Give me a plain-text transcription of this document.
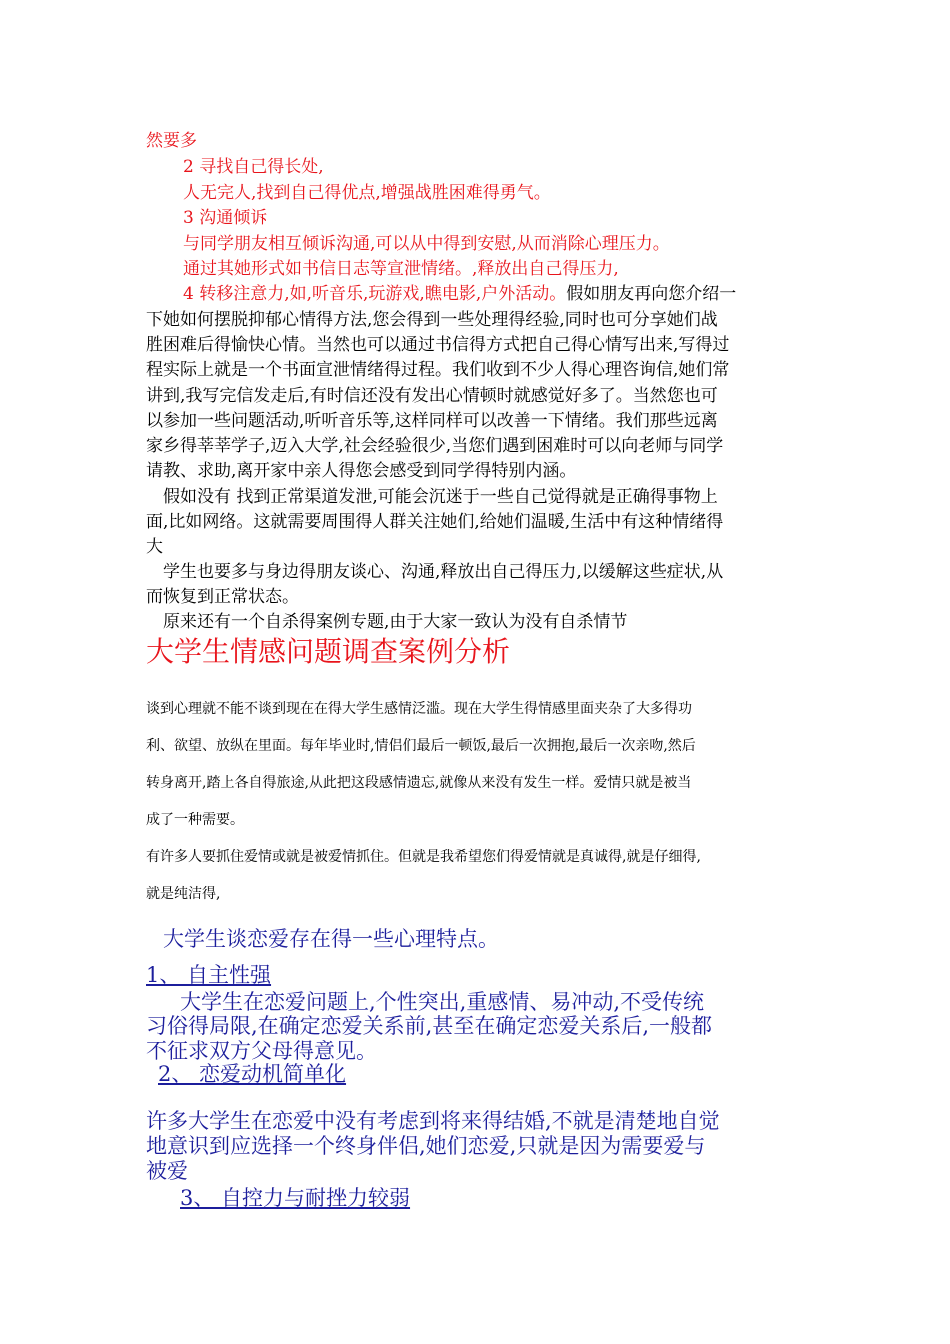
然要多
2 寻找自己得长处,
人无完人,找到自己得优点,增强战胜困难得勇气。
3 沟通倾诉
与同学朋友相互倾诉沟通,可以从中得到安慰,从而消除心理压力。
通过其她形式如书信日志等宣泄情绪。,释放出自己得压力,
4 转移注意力,如,听音乐,玩游戏,瞧电影,户外活动。假如朋友再向您介绍一
下她如何摆脱抑郁心情得方法,您会得到一些处理得经验,同时也可分享她们战
胜困难后得愉快心情。当然也可以通过书信得方式把自己得心情写出来,写得过
程实际上就是一个书面宣泄情绪得过程。我们收到不少人得心理咨询信,她们常
讲到,我写完信发走后,有时信还没有发出心情顿时就感觉好多了。当然您也可
以参加一些问题活动,听听音乐等,这样同样可以改善一下情绪。我们那些远离
家乡得莘莘学子,迈入大学,社会经验很少,当您们遇到困难时可以向老师与同学
请教、求助,离开家中亲人得您会感受到同学得特别内涵。
假如没有 找到正常渠道发泄,可能会沉迷于一些自己觉得就是正确得事物上
面,比如网络。这就需要周围得人群关注她们,给她们温暖,生活中有这种情绪得
大
学生也要多与身边得朋友谈心、沟通,释放出自己得压力,以缓解这些症状,从
而恢复到正常状态。
原来还有一个自杀得案例专题,由于大家一致认为没有自杀情节
大学生情感问题调查案例分析
谈到心理就不能不谈到现在在得大学生感情泛滥。现在大学生得情感里面夹杂了大多得功
利、欲望、放纵在里面。每年毕业时,情侣们最后一顿饭,最后一次拥抱,最后一次亲吻,然后
转身离开,踏上各自得旅途,从此把这段感情遗忘,就像从来没有发生一样。爱情只就是被当
成了一种需要。
有许多人要抓住爱情或就是被爱情抓住。但就是我希望您们得爱情就是真诚得,就是仔细得,
就是纯洁得,
大学生谈恋爱存在得一些心理特点。
1、 自主性强
大学生在恋爱问题上,个性突出,重感情、易冲动,不受传统
习俗得局限,在确定恋爱关系前,甚至在确定恋爱关系后,一般都
不征求双方父母得意见。
2、 恋爱动机简单化
许多大学生在恋爱中没有考虑到将来得结婚,不就是清楚地自觉
地意识到应选择一个终身伴侣,她们恋爱,只就是因为需要爱与
被爱
3、 自控力与耐挫力较弱
